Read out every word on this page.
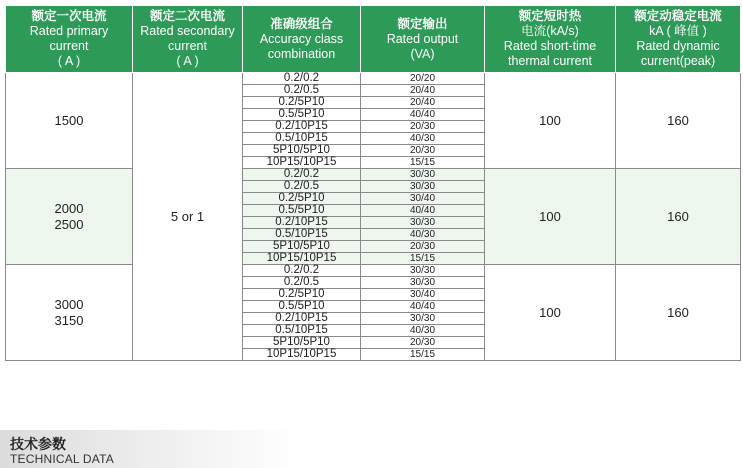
额定一次电流
Rated primary
current
( A )	额定二次电流
Rated secondary
current
( A )	准确级组合
Accuracy class
combination	额定输出
Rated output
(VA)	额定短时热
电流(kA/s)
Rated short-time
thermal current	额定动稳定电流
kA ( 峰值 )
Rated dynamic
current(peak)

1500	5 or 1	0.2/0.2	20/20	100	160
		0.2/0.5	20/40		
		0.2/5P10	20/40		
		0.5/5P10	40/40		
		0.2/10P15	20/30		
		0.5/10P15	40/30		
		5P10/5P10	20/30		
		10P15/10P15	15/15		

2000
2500		0.2/0.2	30/30	100	160
		0.2/0.5	30/30		
		0.2/5P10	30/40		
		0.5/5P10	40/40		
		0.2/10P15	30/30		
		0.5/10P15	40/30		
		5P10/5P10	20/30		
		10P15/10P15	15/15		

3000
3150		0.2/0.2	30/30	100	160
		0.2/0.5	30/30		
		0.2/5P10	30/40		
		0.5/5P10	40/40		
		0.2/10P15	30/30		
		0.5/10P15	40/30		
		5P10/5P10	20/30		
		10P15/10P15	15/15		
技术参数
TECHNICAL DATA
